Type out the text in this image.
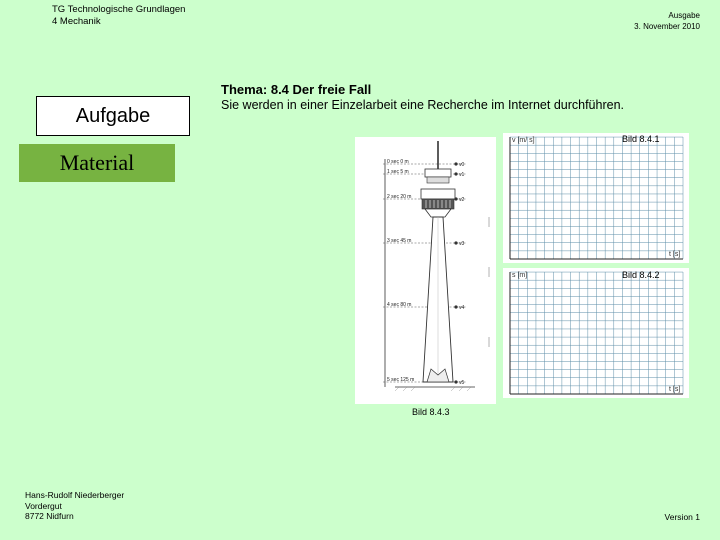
TG Technologische Grundlagen
4 Mechanik
Ausgabe
3. November 2010
Aufgabe
Material
Thema: 8.4 Der freie Fall
Sie werden in einer Einzelarbeit eine Recherche im Internet durchführen.
0 sec 0 m
1 sec 5 m
2 sec 20 m
3 sec 45 m
4 sec 80 m
5 sec 125 m
v0
v1
v2
v3
v4
v5
v [m/ s]
t [s]
Bild 8.4.1
s [m]
t [s]
Bild 8.4.2
Bild 8.4.3
Hans-Rudolf Niederberger
Vordergut
8772 Nidfurn	Version 1
